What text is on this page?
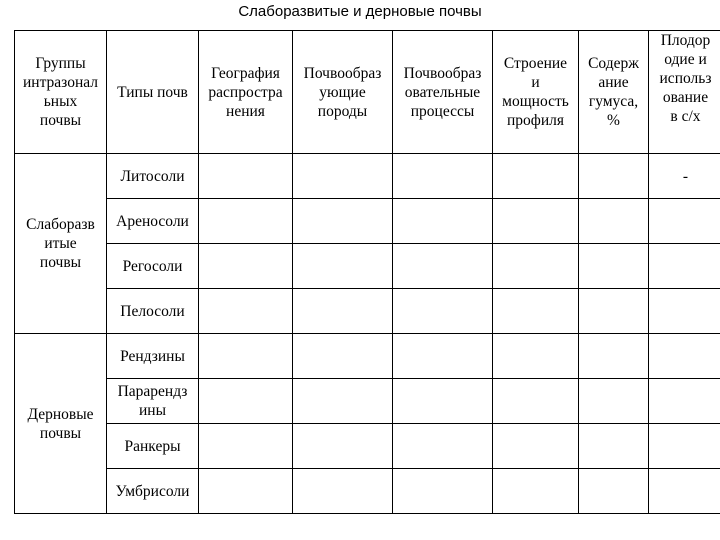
Слаборазвитые и дерновые почвы
Группы
интразонал
ьных
почвы	Типы почв	География
распростра
нения	Почвообраз
ующие
породы	Почвообраз
овательные
процессы	Строение
и
мощность
профиля	Содерж
ание
гумуса,
%	Плодор
одие и
использ
ование
в с/х
Слаборазв
итые
почвы	Литосоли						-
	Ареносоли						
	Регосоли						
	Пелосоли						
Дерновые
почвы	Рендзины						
	Парарендз
ины						
	Ранкеры						
	Умбрисоли						
